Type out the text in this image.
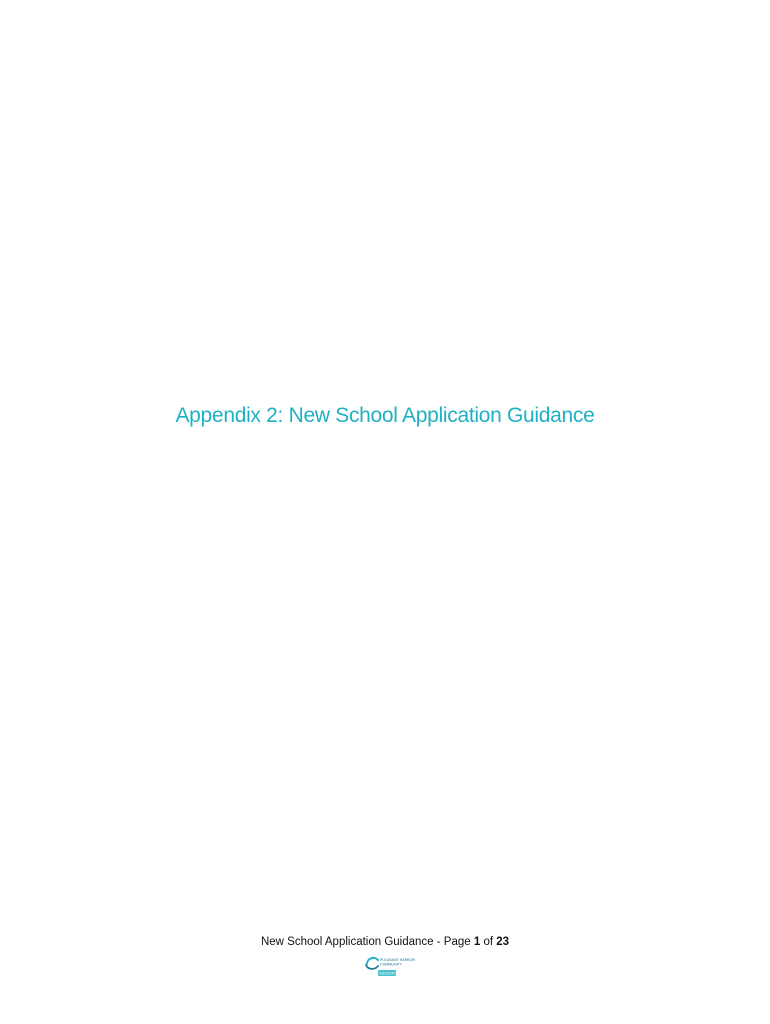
Appendix 2: New School Application Guidance
New School Application Guidance - Page 1 of 23
PLEASANT HARBOR
COMMUNITY
EDUCATION
